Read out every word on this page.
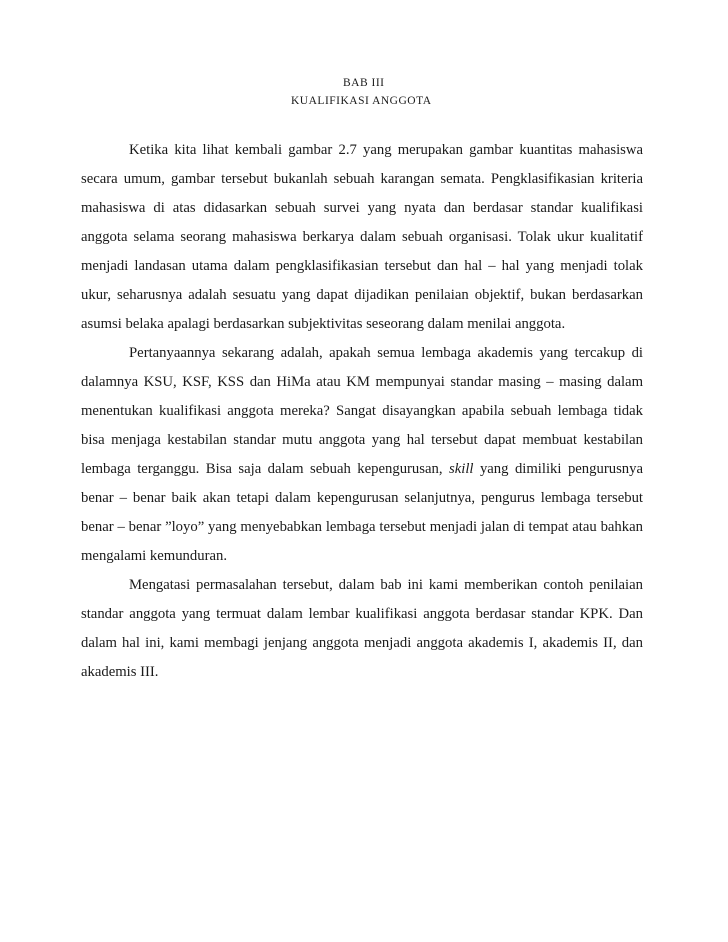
BAB III

KUALIFIKASI ANGGOTA

Ketika kita lihat kembali gambar 2.7 yang merupakan gambar kuantitas mahasiswa secara umum, gambar tersebut bukanlah sebuah karangan semata. Pengklasifikasian kriteria mahasiswa di atas didasarkan sebuah survei yang nyata dan berdasar standar kualifikasi anggota selama seorang mahasiswa berkarya dalam sebuah organisasi. Tolak ukur kualitatif menjadi landasan utama dalam pengklasifikasian tersebut dan hal – hal yang menjadi tolak ukur, seharusnya adalah sesuatu yang dapat dijadikan penilaian objektif, bukan berdasarkan asumsi belaka apalagi berdasarkan subjektivitas seseorang dalam menilai anggota.

Pertanyaannya sekarang adalah, apakah semua lembaga akademis yang tercakup di dalamnya KSU, KSF, KSS dan HiMa atau KM mempunyai standar masing – masing dalam menentukan kualifikasi anggota mereka? Sangat disayangkan apabila sebuah lembaga tidak bisa menjaga kestabilan standar mutu anggota yang hal tersebut dapat membuat kestabilan lembaga terganggu. Bisa saja dalam sebuah kepengurusan, skill yang dimiliki pengurusnya benar – benar baik akan tetapi dalam kepengurusan selanjutnya, pengurus lembaga tersebut benar – benar ”loyo” yang menyebabkan lembaga tersebut menjadi jalan di tempat atau bahkan mengalami kemunduran.

Mengatasi permasalahan tersebut, dalam bab ini kami memberikan contoh penilaian standar anggota yang termuat dalam lembar kualifikasi anggota berdasar standar KPK. Dan dalam hal ini, kami membagi jenjang anggota menjadi anggota akademis I, akademis II, dan akademis III.
